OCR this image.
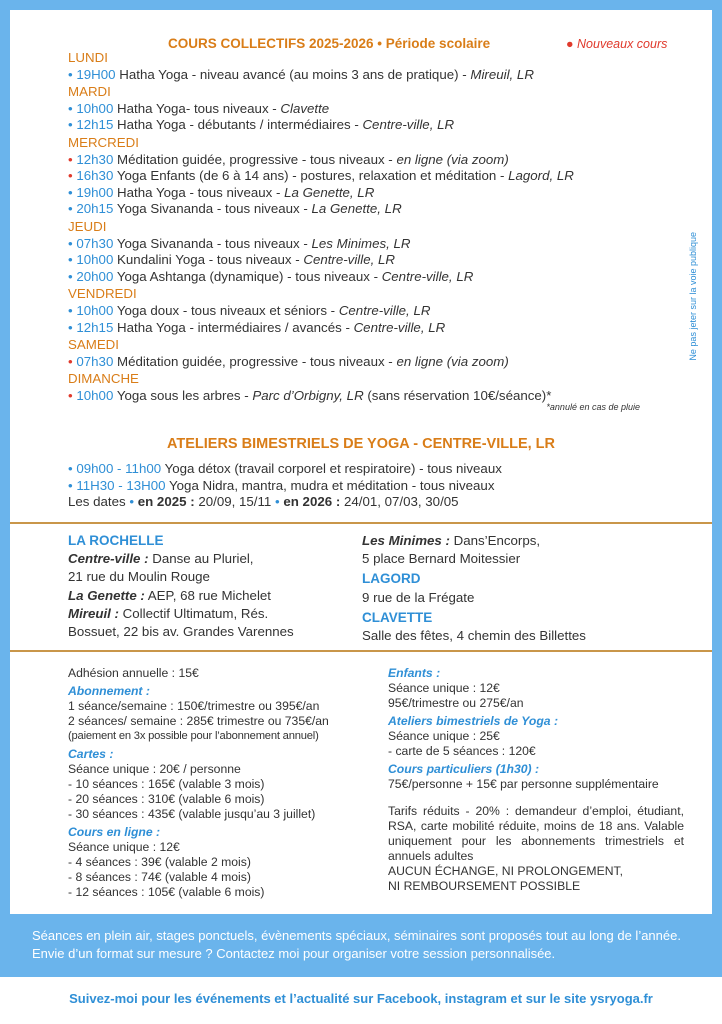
COURS COLLECTIFS 2025-2026 • Période scolaire	● Nouveaux cours
LUNDI
• 19H00 Hatha Yoga - niveau avancé (au moins 3 ans de pratique) - Mireuil, LR
MARDI
• 10h00 Hatha Yoga- tous niveaux - Clavette
• 12h15 Hatha Yoga - débutants / intermédiaires - Centre-ville, LR
MERCREDI
• 12h30 Méditation guidée, progressive - tous niveaux - en ligne (via zoom)
• 16h30 Yoga Enfants (de 6 à 14 ans) - postures, relaxation et méditation - Lagord, LR
• 19h00 Hatha Yoga - tous niveaux - La Genette, LR
• 20h15 Yoga Sivananda - tous niveaux - La Genette, LR
JEUDI
• 07h30 Yoga Sivananda - tous niveaux - Les Minimes, LR
• 10h00 Kundalini Yoga - tous niveaux - Centre-ville, LR
• 20h00 Yoga Ashtanga (dynamique) - tous niveaux - Centre-ville, LR
VENDREDI
• 10h00 Yoga doux - tous niveaux et séniors - Centre-ville, LR
• 12h15 Hatha Yoga - intermédiaires / avancés - Centre-ville, LR
SAMEDI
• 07h30 Méditation guidée, progressive - tous niveaux - en ligne (via zoom)
DIMANCHE
• 10h00 Yoga sous les arbres - Parc d’Orbigny, LR (sans réservation 10€/séance)*
*annulé en cas de pluie
Ne pas jeter sur la voie publique
ATELIERS BIMESTRIELS DE YOGA - CENTRE-VILLE, LR
• 09h00 - 11h00 Yoga détox (travail corporel et respiratoire) - tous niveaux
• 11H30 - 13H00 Yoga Nidra, mantra, mudra et méditation - tous niveaux
Les dates • en 2025 : 20/09, 15/11 • en 2026 : 24/01, 07/03, 30/05
LA ROCHELLE
Centre-ville : Danse au Pluriel,
21 rue du Moulin Rouge
La Genette : AEP, 68 rue Michelet
Mireuil : Collectif Ultimatum, Rés.
Bossuet, 22 bis av. Grandes Varennes
Les Minimes : Dans’Encorps,
5 place Bernard Moitessier
LAGORD
9 rue de la Frégate
CLAVETTE
Salle des fêtes, 4 chemin des Billettes
Adhésion annuelle : 15€
Abonnement :
1 séance/semaine : 150€/trimestre ou 395€/an
2 séances/ semaine : 285€ trimestre ou 735€/an
(paiement en 3x possible pour l’abonnement annuel)
Cartes :
Séance unique : 20€ / personne
- 10 séances : 165€ (valable 3 mois)
- 20 séances : 310€ (valable 6 mois)
- 30 séances : 435€ (valable jusqu’au 3 juillet)
Cours en ligne :
Séance unique : 12€
- 4 séances : 39€ (valable 2 mois)
- 8 séances : 74€ (valable 4 mois)
- 12 séances : 105€ (valable 6 mois)
Enfants :
Séance unique : 12€
95€/trimestre ou 275€/an
Ateliers bimestriels de Yoga :
Séance unique : 25€
- carte de 5 séances : 120€
Cours particuliers (1h30) :
75€/personne + 15€ par personne supplémentaire
Tarifs réduits - 20% : demandeur d’emploi, étudiant, RSA, carte mobilité réduite, moins de 18 ans. Valable uniquement pour les abonnements trimestriels et annuels adultes
AUCUN ÉCHANGE, NI PROLONGEMENT,
NI REMBOURSEMENT POSSIBLE
Séances en plein air, stages ponctuels, évènements spéciaux, séminaires sont proposés tout au long de l’année. Envie d’un format sur mesure ? Contactez moi pour organiser votre session personnalisée.
Suivez-moi pour les événements et l’actualité sur Facebook, instagram et sur le site ysryoga.fr
